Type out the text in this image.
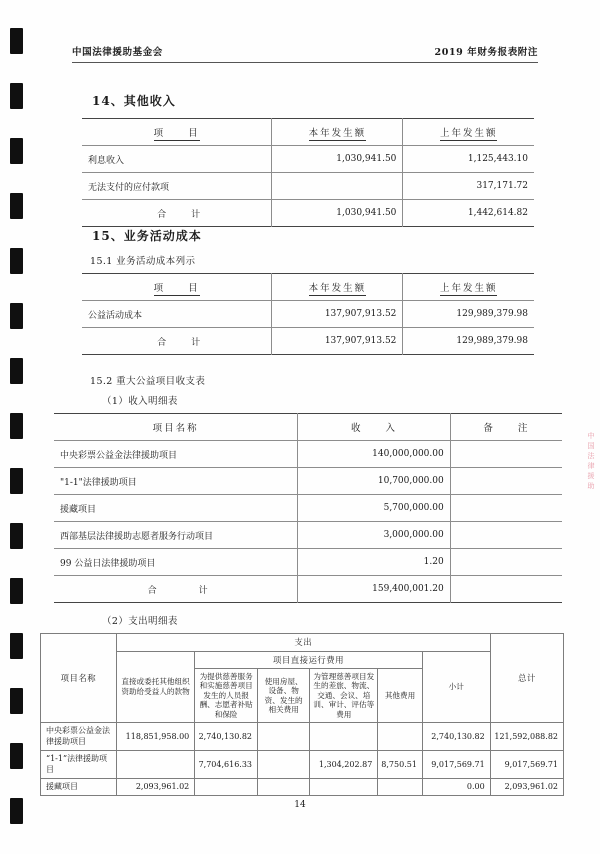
中国法律援助基金会	2019 年财务报表附注
14、其他收入
项　　目	本年发生额	上年发生额
利息收入	1,030,941.50	1,125,443.10
无法支付的应付款项		317,171.72
合　计	1,030,941.50	1,442,614.82
15、业务活动成本
15.1 业务活动成本列示
项　　目	本年发生额	上年发生额
公益活动成本	137,907,913.52	129,989,379.98
合　计	137,907,913.52	129,989,379.98
15.2 重大公益项目收支表
（1）收入明细表
项目名称	收　　入	备　　注
中央彩票公益金法律援助项目	140,000,000.00	
"1-1"法律援助项目	10,700,000.00	
援藏项目	5,700,000.00	
西部基层法律援助志愿者服务行动项目	3,000,000.00	
99 公益日法律援助项目	1.20	
合　　计	159,400,001.20	
（2）支出明细表
项目名称	支出						总计
	直接或委托其他组织资助给受益人的款物	项目直接运行费用				小计	
		为提供慈善服务和实施慈善项目发生的人员报酬、志愿者补贴和保险	使用房屋、设备、物资、发生的相关费用	为管理慈善项目发生的差旅、物流、交通、会议、培训、审计、评估等费用	其他费用		
中央彩票公益金法律援助项目	118,851,958.00	2,740,130.82				2,740,130.82	121,592,088.82
“1-1”法律援助项目		7,704,616.33		1,304,202.87	8,750.51	9,017,569.71	9,017,569.71
援藏项目	2,093,961.02					0.00	2,093,961.02
中国法律援助
14
